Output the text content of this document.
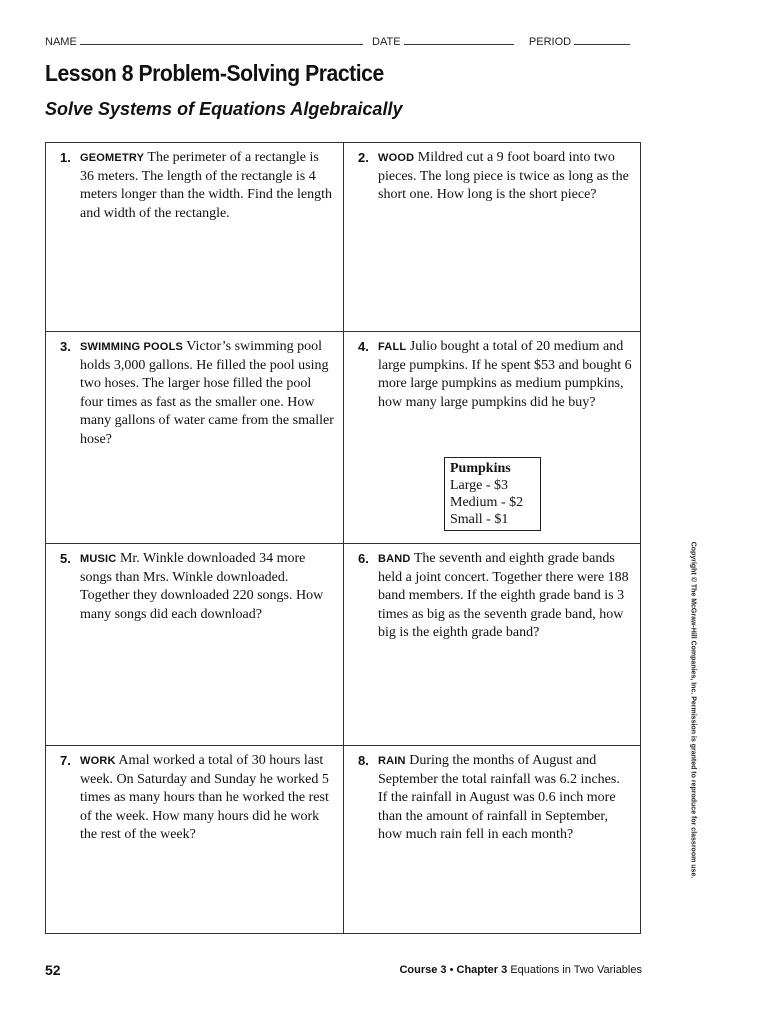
NAME	DATE	PERIOD
Lesson 8 Problem-Solving Practice
Solve Systems of Equations Algebraically
1. GEOMETRY The perimeter of a rectangle is 36 meters. The length of the rectangle is 4 meters longer than the width. Find the length and width of the rectangle.
2. WOOD Mildred cut a 9 foot board into two pieces. The long piece is twice as long as the short one. How long is the short piece?
3. SWIMMING POOLS Victor’s swimming pool holds 3,000 gallons. He filled the pool using two hoses. The larger hose filled the pool four times as fast as the smaller one. How many gallons of water came from the smaller hose?
4. FALL Julio bought a total of 20 medium and large pumpkins. If he spent $53 and bought 6 more large pumpkins as medium pumpkins, how many large pumpkins did he buy?
Pumpkins
Large - $3
Medium - $2
Small - $1
5. MUSIC Mr. Winkle downloaded 34 more songs than Mrs. Winkle downloaded. Together they downloaded 220 songs. How many songs did each download?
6. BAND The seventh and eighth grade bands held a joint concert. Together there were 188 band members. If the eighth grade band is 3 times as big as the seventh grade band, how big is the eighth grade band?
7. WORK Amal worked a total of 30 hours last week. On Saturday and Sunday he worked 5 times as many hours than he worked the rest of the week. How many hours did he work the rest of the week?
8. RAIN During the months of August and September the total rainfall was 6.2 inches. If the rainfall in August was 0.6 inch more than the amount of rainfall in September, how much rain fell in each month?	Copyright © The McGraw-Hill Companies, Inc. Permission is granted to reproduce for classroom use.
52	Course 3 • Chapter 3 Equations in Two Variables
